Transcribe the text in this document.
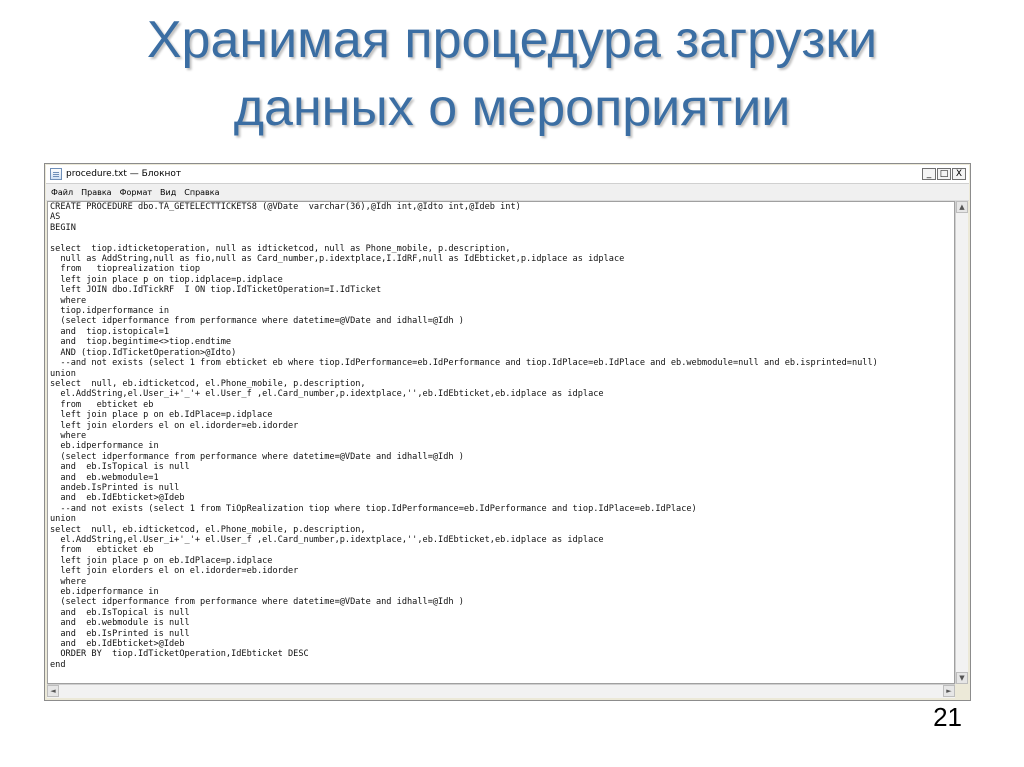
Хранимая процедура загрузки
данных о мероприятии
procedure.txt — Блокнот	_ □ X
Файл Правка Формат Вид Справка
CREATE PROCEDURE dbo.TA_GETELECTTICKETS8 (@VDate  varchar(36),@Idh int,@Idto int,@Ideb int)
AS
BEGIN
select  tiop.idticketoperation, null as idticketcod, null as Phone_mobile, p.description,
null as AddString,null as fio,null as Card_number,p.idextplace,I.IdRF,null as IdEbticket,p.idplace as idplace
from   tioprealization tiop
left join place p on tiop.idplace=p.idplace
left JOIN dbo.IdTickRF  I ON tiop.IdTicketOperation=I.IdTicket
where
tiop.idperformance in
(select idperformance from performance where datetime=@VDate and idhall=@Idh )
and  tiop.istopical=1
and  tiop.begintime<>tiop.endtime
AND (tiop.IdTicketOperation>@Idto)
--and not exists (select 1 from ebticket eb where tiop.IdPerformance=eb.IdPerformance and tiop.IdPlace=eb.IdPlace and eb.webmodule=null and eb.isprinted=null)
union
select  null, eb.idticketcod, el.Phone_mobile, p.description,
el.AddString,el.User_i+'_'+ el.User_f ,el.Card_number,p.idextplace,'',eb.IdEbticket,eb.idplace as idplace
from   ebticket eb
left join place p on eb.IdPlace=p.idplace
left join elorders el on el.idorder=eb.idorder
where
eb.idperformance in
(select idperformance from performance where datetime=@VDate and idhall=@Idh )
and  eb.IsTopical is null
and  eb.webmodule=1
andeb.IsPrinted is null
and  eb.IdEbticket>@Ideb
--and not exists (select 1 from TiOpRealization tiop where tiop.IdPerformance=eb.IdPerformance and tiop.IdPlace=eb.IdPlace)
union
select  null, eb.idticketcod, el.Phone_mobile, p.description,
el.AddString,el.User_i+'_'+ el.User_f ,el.Card_number,p.idextplace,'',eb.IdEbticket,eb.idplace as idplace
from   ebticket eb
left join place p on eb.IdPlace=p.idplace
left join elorders el on el.idorder=eb.idorder
where
eb.idperformance in
(select idperformance from performance where datetime=@VDate and idhall=@Idh )
and  eb.IsTopical is null
and  eb.webmodule is null
and  eb.IsPrinted is null
and  eb.IdEbticket>@Ideb
ORDER BY  tiop.IdTicketOperation,IdEbticket DESC
end
▲
▼
◄	►
21
